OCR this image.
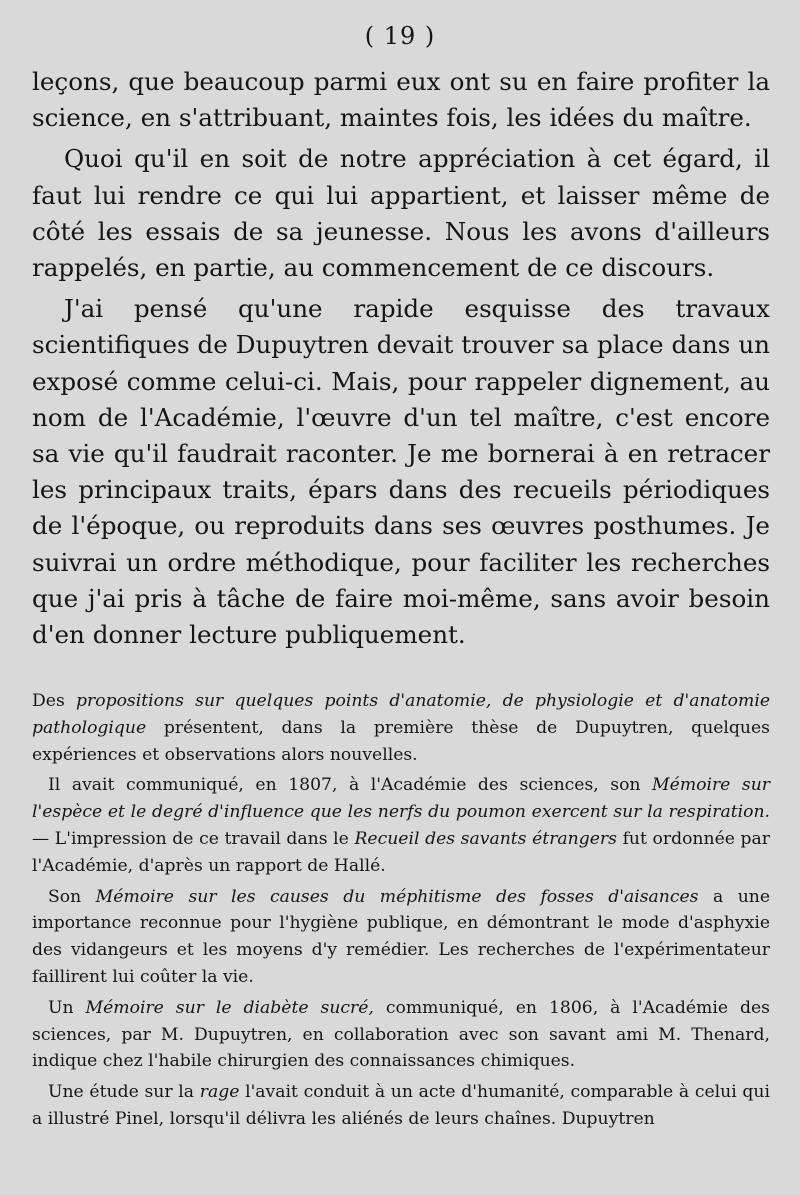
( 19 )

leçons, que beaucoup parmi eux ont su en faire profiter la science, en s'attribuant, maintes fois, les idées du maître.

Quoi qu'il en soit de notre appréciation à cet égard, il faut lui rendre ce qui lui appartient, et laisser même de côté les essais de sa jeunesse. Nous les avons d'ailleurs rappelés, en partie, au commencement de ce discours.

J'ai pensé qu'une rapide esquisse des travaux scientifiques de Dupuytren devait trouver sa place dans un exposé comme celui-ci. Mais, pour rappeler dignement, au nom de l'Académie, l'œuvre d'un tel maître, c'est encore sa vie qu'il faudrait raconter. Je me bornerai à en retracer les principaux traits, épars dans des recueils périodiques de l'époque, ou reproduits dans ses œuvres posthumes. Je suivrai un ordre méthodique, pour faciliter les recherches que j'ai pris à tâche de faire moi-même, sans avoir besoin d'en donner lecture publiquement.

Des propositions sur quelques points d'anatomie, de physiologie et d'anatomie pathologique présentent, dans la première thèse de Dupuytren, quelques expériences et observations alors nouvelles.

Il avait communiqué, en 1807, à l'Académie des sciences, son Mémoire sur l'espèce et le degré d'influence que les nerfs du poumon exercent sur la respiration. — L'impression de ce travail dans le Recueil des savants étrangers fut ordonnée par l'Académie, d'après un rapport de Hallé.

Son Mémoire sur les causes du méphitisme des fosses d'aisances a une importance reconnue pour l'hygiène publique, en démontrant le mode d'asphyxie des vidangeurs et les moyens d'y remédier. Les recherches de l'expérimentateur faillirent lui coûter la vie.

Un Mémoire sur le diabète sucré, communiqué, en 1806, à l'Académie des sciences, par M. Dupuytren, en collaboration avec son savant ami M. Thenard, indique chez l'habile chirurgien des connaissances chimiques.

Une étude sur la rage l'avait conduit à un acte d'humanité, comparable à celui qui a illustré Pinel, lorsqu'il délivra les aliénés de leurs chaînes. Dupuytren
